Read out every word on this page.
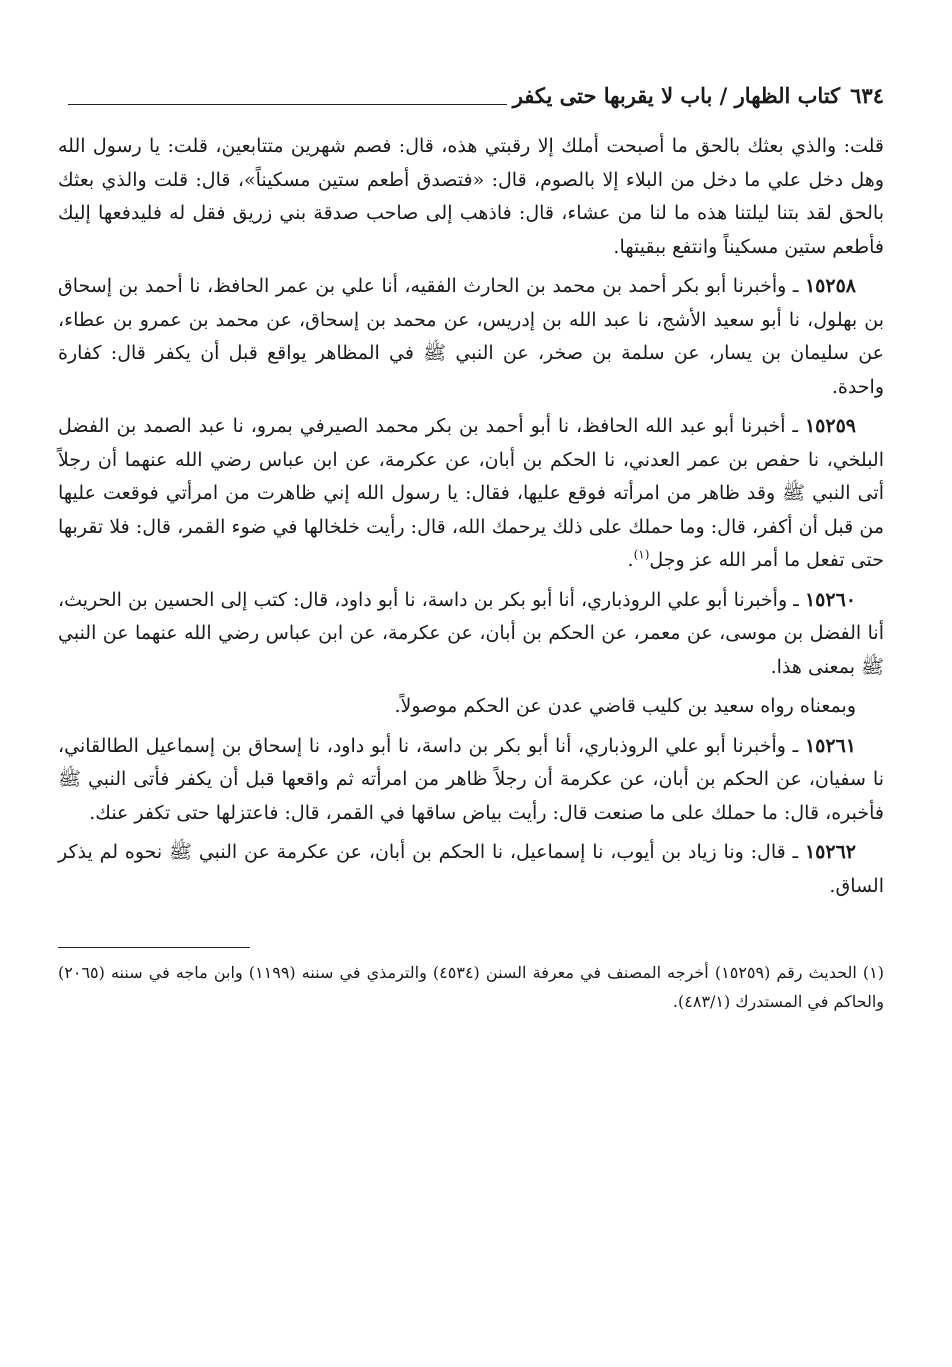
٦٣٤
كتاب الظهار / باب لا يقربها حتى يكفر

قلت: والذي بعثك بالحق ما أصبحت أملك إلا رقبتي هذه، قال: فصم شهرين متتابعين، قلت: يا رسول الله وهل دخل علي ما دخل من البلاء إلا بالصوم، قال: «فتصدق أطعم ستين مسكيناً»، قال: قلت والذي بعثك بالحق لقد بتنا ليلتنا هذه ما لنا من عشاء، قال: فاذهب إلى صاحب صدقة بني زريق فقل له فليدفعها إليك فأطعم ستين مسكيناً وانتفع ببقيتها.

١٥٢٥٨ ـ وأخبرنا أبو بكر أحمد بن محمد بن الحارث الفقيه، أنا علي بن عمر الحافظ، نا أحمد بن إسحاق بن بهلول، نا أبو سعيد الأشج، نا عبد الله بن إدريس، عن محمد بن إسحاق، عن محمد بن عمرو بن عطاء، عن سليمان بن يسار، عن سلمة بن صخر، عن النبي ﷺ في المظاهر يواقع قبل أن يكفر قال: كفارة واحدة.

١٥٢٥٩ ـ أخبرنا أبو عبد الله الحافظ، نا أبو أحمد بن بكر محمد الصيرفي بمرو، نا عبد الصمد بن الفضل البلخي، نا حفص بن عمر العدني، نا الحكم بن أبان، عن عكرمة، عن ابن عباس رضي الله عنهما أن رجلاً أتى النبي ﷺ وقد ظاهر من امرأته فوقع عليها، فقال: يا رسول الله إني ظاهرت من امرأتي فوقعت عليها من قبل أن أكفر، قال: وما حملك على ذلك يرحمك الله، قال: رأيت خلخالها في ضوء القمر، قال: فلا تقربها حتى تفعل ما أمر الله عز وجل$^{(١)}$.

١٥٢٦٠ ـ وأخبرنا أبو علي الروذباري، أنا أبو بكر بن داسة، نا أبو داود، قال: كتب إلى الحسين بن الحريث، أنا الفضل بن موسى، عن معمر، عن الحكم بن أبان، عن عكرمة، عن ابن عباس رضي الله عنهما عن النبي ﷺ بمعنى هذا.

وبمعناه رواه سعيد بن كليب قاضي عدن عن الحكم موصولاً.

١٥٢٦١ ـ وأخبرنا أبو علي الروذباري، أنا أبو بكر بن داسة، نا أبو داود، نا إسحاق بن إسماعيل الطالقاني، نا سفيان، عن الحكم بن أبان، عن عكرمة أن رجلاً ظاهر من امرأته ثم واقعها قبل أن يكفر فأتى النبي ﷺ فأخبره، قال: ما حملك على ما صنعت قال: رأيت بياض ساقها في القمر، قال: فاعتزلها حتى تكفر عنك.

١٥٢٦٢ ـ قال: ونا زياد بن أيوب، نا إسماعيل، نا الحكم بن أبان، عن عكرمة عن النبي ﷺ نحوه لم يذكر الساق.

(١) الحديث رقم (١٥٢٥٩) أخرجه المصنف في معرفة السنن (٤٥٣٤) والترمذي في سننه (١١٩٩) وابن ماجه في سننه (٢٠٦٥) والحاكم في المستدرك (٤٨٣/١).
